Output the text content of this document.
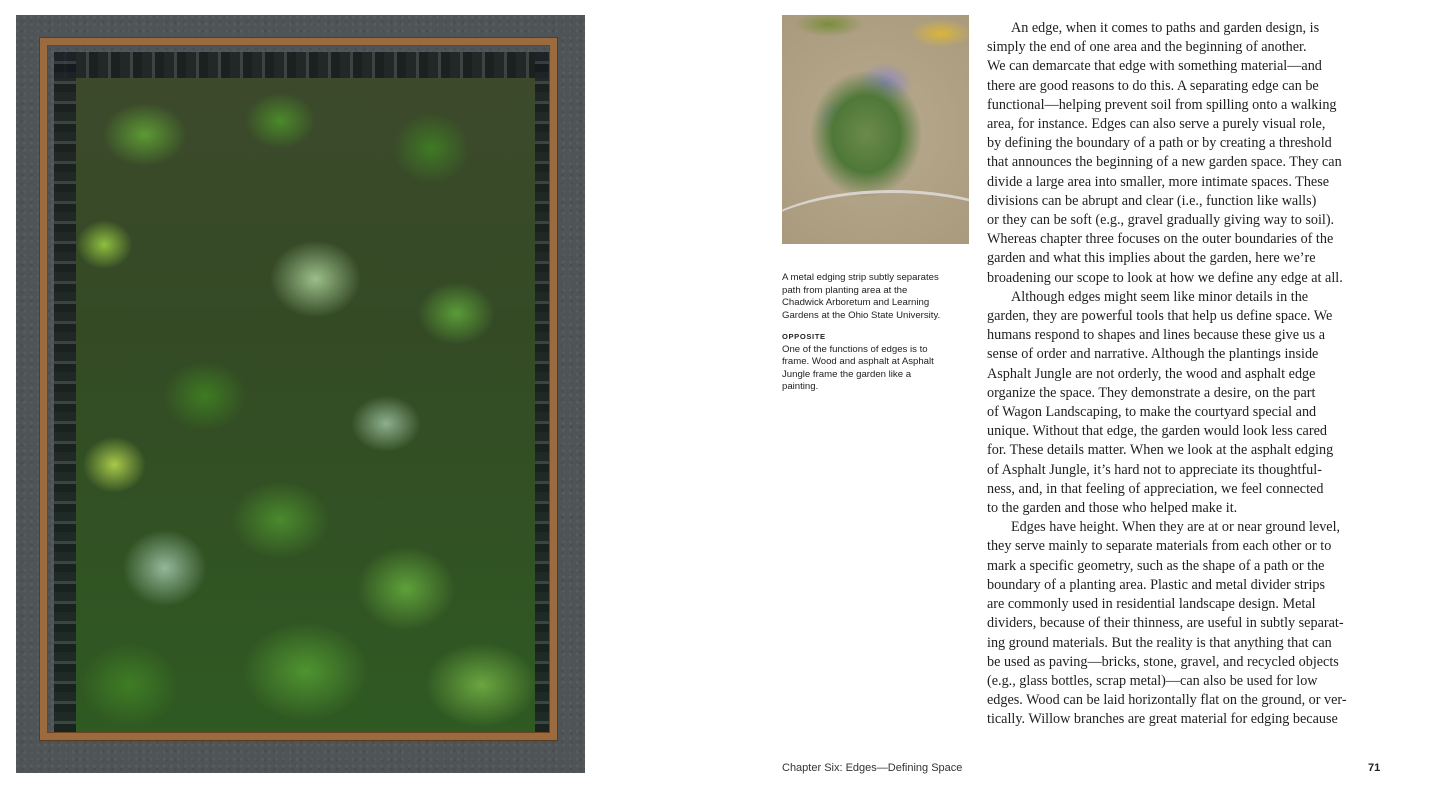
A metal edging strip subtly separates path from planting area at the Chadwick Arboretum and Learning Gardens at the Ohio State University.

OPPOSITE

One of the functions of edges is to frame. Wood and asphalt at Asphalt Jungle frame the garden like a painting.

An edge, when it comes to paths and garden design, is
simply the end of one area and the beginning of another.
We can demarcate that edge with something material—and
there are good reasons to do this. A separating edge can be
functional—helping prevent soil from spilling onto a walking
area, for instance. Edges can also serve a purely visual role,
by defining the boundary of a path or by creating a threshold
that announces the beginning of a new garden space. They can
divide a large area into smaller, more intimate spaces. These
divisions can be abrupt and clear (i.e., function like walls)
or they can be soft (e.g., gravel gradually giving way to soil).
Whereas chapter three focuses on the outer boundaries of the
garden and what this implies about the garden, here we’re
broadening our scope to look at how we define any edge at all.
Although edges might seem like minor details in the
garden, they are powerful tools that help us define space. We
humans respond to shapes and lines because these give us a
sense of order and narrative. Although the plantings inside
Asphalt Jungle are not orderly, the wood and asphalt edge
organize the space. They demonstrate a desire, on the part
of Wagon Landscaping, to make the courtyard special and
unique. Without that edge, the garden would look less cared
for. These details matter. When we look at the asphalt edging
of Asphalt Jungle, it’s hard not to appreciate its thoughtful-
ness, and, in that feeling of appreciation, we feel connected
to the garden and those who helped make it.
Edges have height. When they are at or near ground level,
they serve mainly to separate materials from each other or to
mark a specific geometry, such as the shape of a path or the
boundary of a planting area. Plastic and metal divider strips
are commonly used in residential landscape design. Metal
dividers, because of their thinness, are useful in subtly separat-
ing ground materials. But the reality is that anything that can
be used as paving—bricks, stone, gravel, and recycled objects
(e.g., glass bottles, scrap metal)—can also be used for low
edges. Wood can be laid horizontally flat on the ground, or ver-
tically. Willow branches are great material for edging because
Chapter Six: Edges—Defining Space	71
